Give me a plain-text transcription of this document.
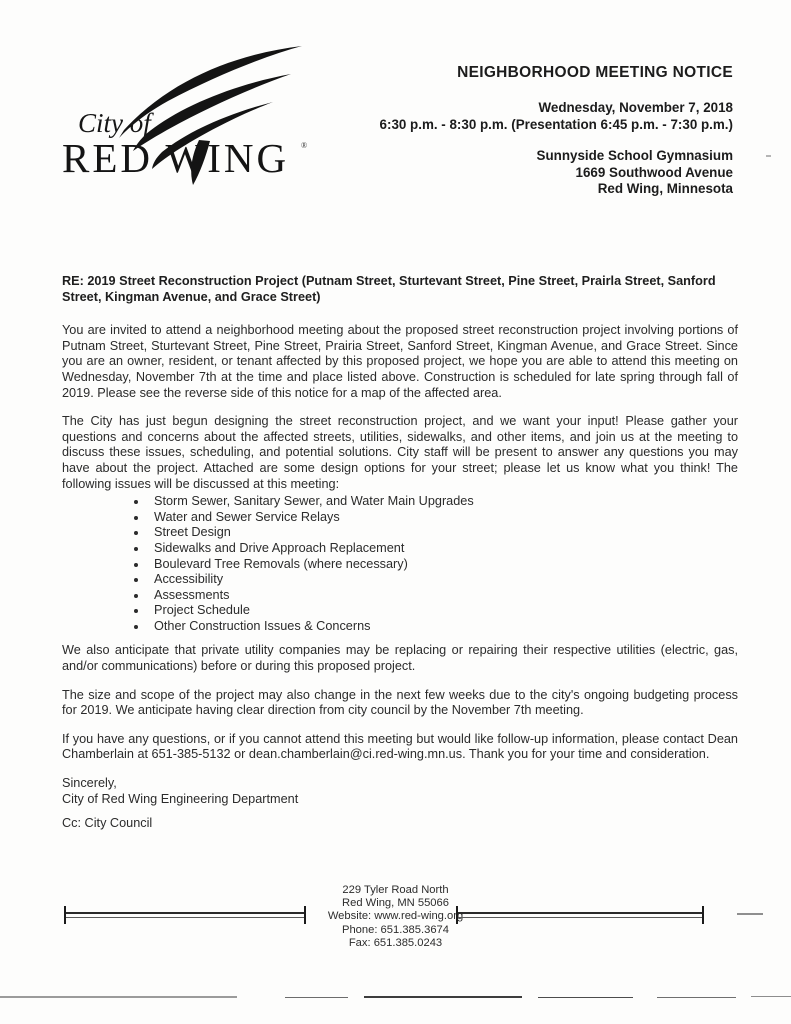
City of
RED WING ®
NEIGHBORHOOD MEETING NOTICE
Wednesday, November 7, 2018
6:30 p.m. - 8:30 p.m. (Presentation 6:45 p.m. - 7:30 p.m.)
Sunnyside School Gymnasium
1669 Southwood Avenue
Red Wing, Minnesota

RE: 2019 Street Reconstruction Project (Putnam Street, Sturtevant Street, Pine Street, Prairla Street, Sanford Street, Kingman Avenue, and Grace Street)

You are invited to attend a neighborhood meeting about the proposed street reconstruction project involving portions of Putnam Street, Sturtevant Street, Pine Street, Prairia Street, Sanford Street, Kingman Avenue, and Grace Street. Since you are an owner, resident, or tenant affected by this proposed project, we hope you are able to attend this meeting on Wednesday, November 7th at the time and place listed above. Construction is scheduled for late spring through fall of 2019. Please see the reverse side of this notice for a map of the affected area.

The City has just begun designing the street reconstruction project, and we want your input! Please gather your questions and concerns about the affected streets, utilities, sidewalks, and other items, and join us at the meeting to discuss these issues, scheduling, and potential solutions. City staff will be present to answer any questions you may have about the project. Attached are some design options for your street; please let us know what you think! The following issues will be discussed at this meeting:

• Storm Sewer, Sanitary Sewer, and Water Main Upgrades
• Water and Sewer Service Relays
• Street Design
• Sidewalks and Drive Approach Replacement
• Boulevard Tree Removals (where necessary)
• Accessibility
• Assessments
• Project Schedule
• Other Construction Issues & Concerns

We also anticipate that private utility companies may be replacing or repairing their respective utilities (electric, gas, and/or communications) before or during this proposed project.

The size and scope of the project may also change in the next few weeks due to the city's ongoing budgeting process for 2019. We anticipate having clear direction from city council by the November 7th meeting.

If you have any questions, or if you cannot attend this meeting but would like follow-up information, please contact Dean Chamberlain at 651-385-5132 or dean.chamberlain@ci.red-wing.mn.us. Thank you for your time and consideration.

Sincerely,
City of Red Wing Engineering Department
Cc: City Council
229 Tyler Road North
Red Wing, MN 55066
Website: www.red-wing.org
Phone: 651.385.3674
Fax: 651.385.0243
